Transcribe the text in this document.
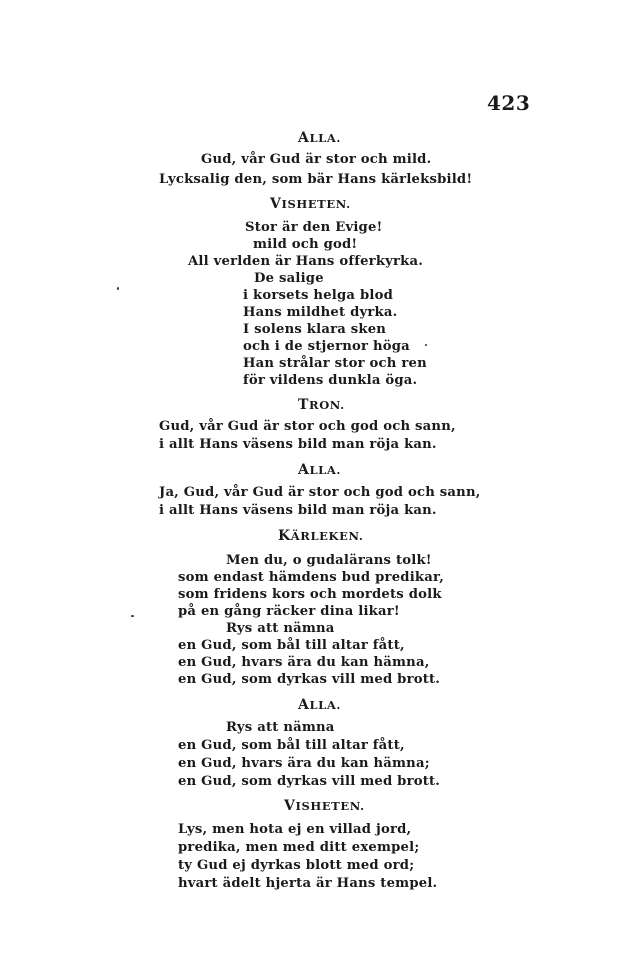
423
ALLA.
Gud, vår Gud är stor och mild.
Lycksalig den, som bär Hans kärleksbild!
VISHETEN.
Stor är den Evige!
mild och god!
All verlden är Hans offerkyrka.
De salige
i korsets helga blod
Hans mildhet dyrka.
I solens klara sken
och i de stjernor höga
Han strålar stor och ren
för vildens dunkla öga.
TRON.
Gud, vår Gud är stor och god och sann,
i allt Hans väsens bild man röja kan.
ALLA.
Ja, Gud, vår Gud är stor och god och sann,
i allt Hans väsens bild man röja kan.
KÄRLEKEN.
Men du, o gudalärans tolk!
som endast hämdens bud predikar,
som fridens kors och mordets dolk
på en gång räcker dina likar!
Rys att nämna
en Gud, som bål till altar fått,
en Gud, hvars ära du kan hämna,
en Gud, som dyrkas vill med brott.
ALLA.
Rys att nämna
en Gud, som bål till altar fått,
en Gud, hvars ära du kan hämna;
en Gud, som dyrkas vill med brott.
VISHETEN.
Lys, men hota ej en villad jord,
predika, men med ditt exempel;
ty Gud ej dyrkas blott med ord;
hvart ädelt hjerta är Hans tempel.
